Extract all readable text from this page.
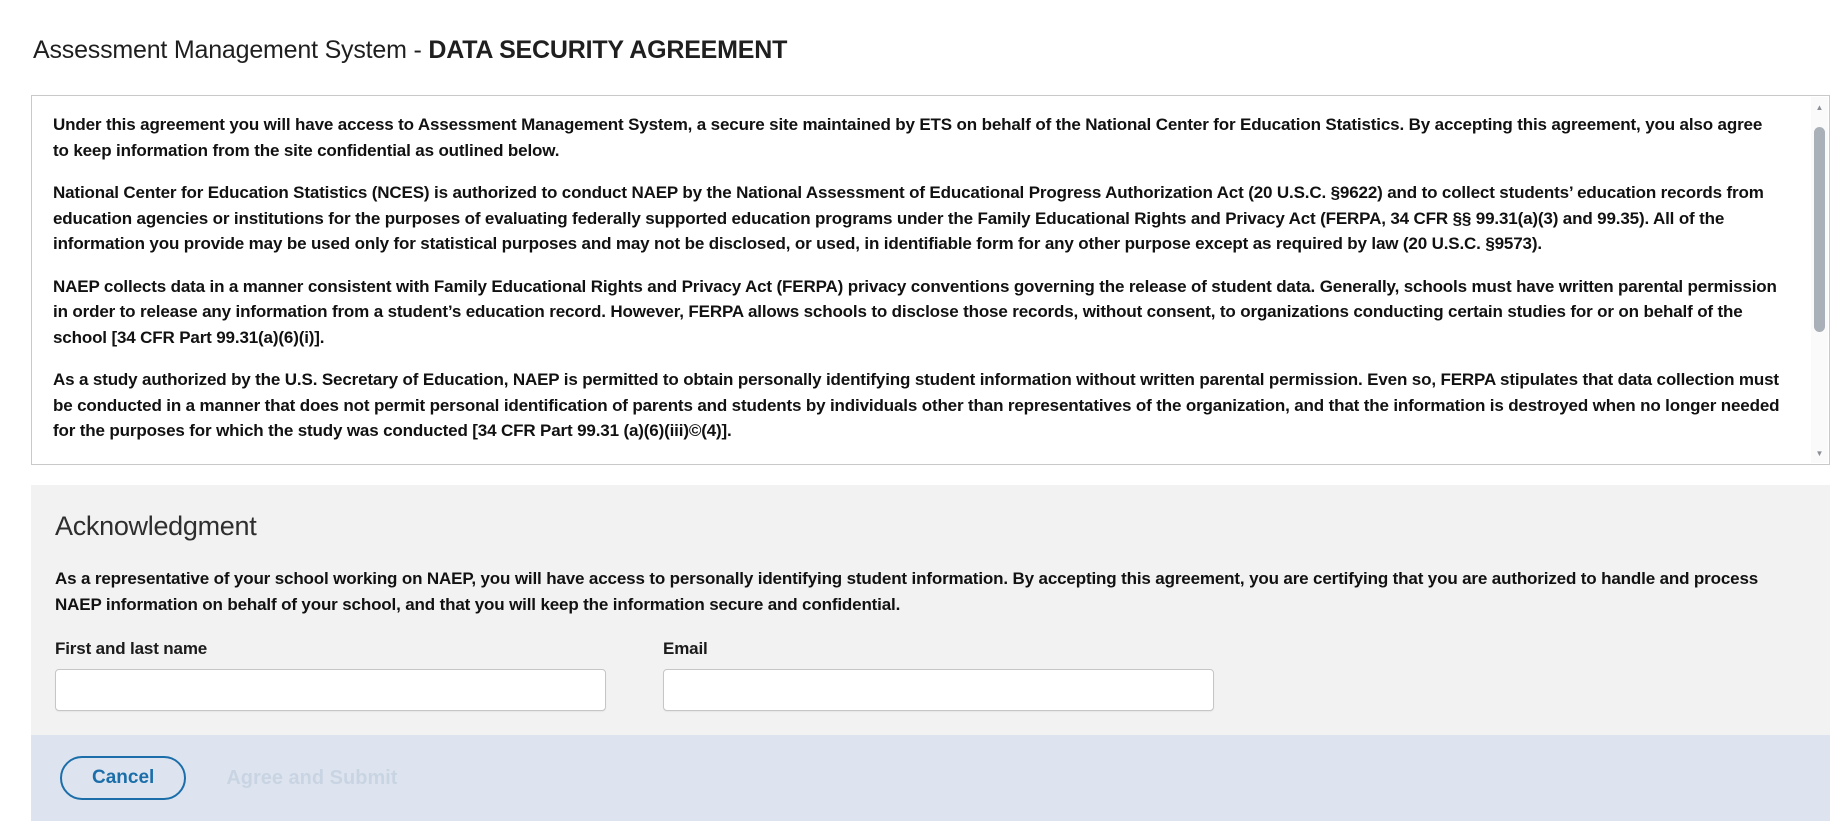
Assessment Management System - DATA SECURITY AGREEMENT

Under this agreement you will have access to Assessment Management System, a secure site maintained by ETS on behalf of the National Center for Education Statistics. By accepting this agreement, you also agree to keep information from the site confidential as outlined below.

National Center for Education Statistics (NCES) is authorized to conduct NAEP by the National Assessment of Educational Progress Authorization Act (20 U.S.C. §9622) and to collect students’ education records from education agencies or institutions for the purposes of evaluating federally supported education programs under the Family Educational Rights and Privacy Act (FERPA, 34 CFR §§ 99.31(a)(3) and 99.35). All of the information you provide may be used only for statistical purposes and may not be disclosed, or used, in identifiable form for any other purpose except as required by law (20 U.S.C. §9573).

NAEP collects data in a manner consistent with Family Educational Rights and Privacy Act (FERPA) privacy conventions governing the release of student data. Generally, schools must have written parental permission in order to release any information from a student’s education record. However, FERPA allows schools to disclose those records, without consent, to organizations conducting certain studies for or on behalf of the school [34 CFR Part 99.31(a)(6)(i)].

As a study authorized by the U.S. Secretary of Education, NAEP is permitted to obtain personally identifying student information without written parental permission. Even so, FERPA stipulates that data collection must be conducted in a manner that does not permit personal identification of parents and students by individuals other than representatives of the organization, and that the information is destroyed when no longer needed for the purposes for which the study was conducted [34 CFR Part 99.31 (a)(6)(iii)©(4)].

▲
▼
Acknowledgment

As a representative of your school working on NAEP, you will have access to personally identifying student information. By accepting this agreement, you are certifying that you are authorized to handle and process NAEP information on behalf of your school, and that you will keep the information secure and confidential.

First and last name	Email
Cancel	Agree and Submit
